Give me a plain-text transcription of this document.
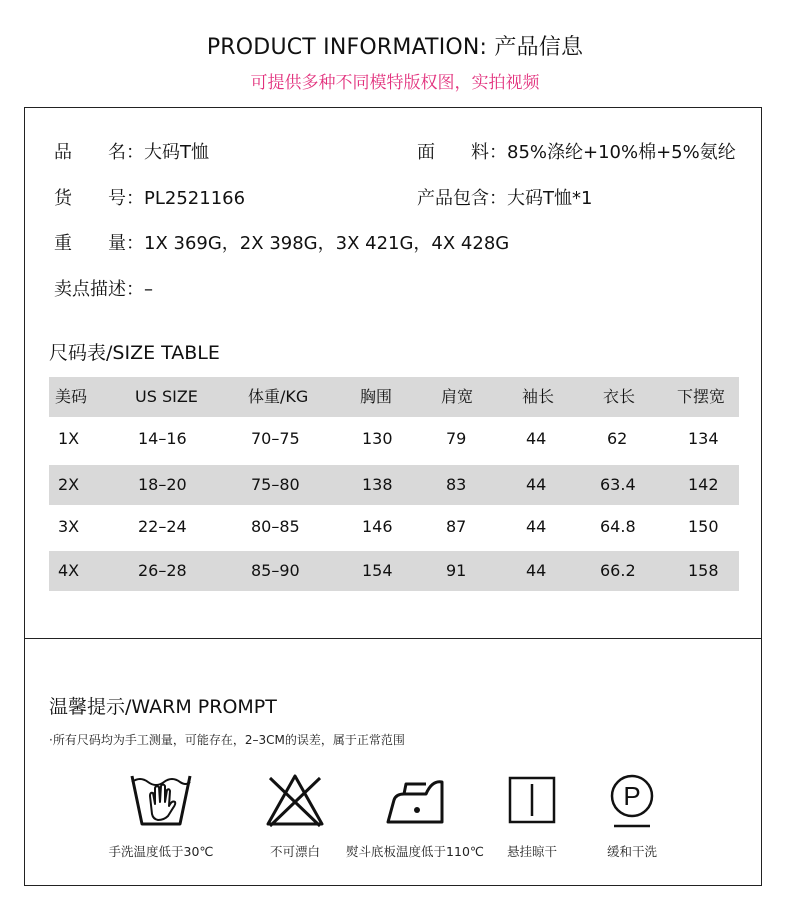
PRODUCT INFORMATION: 产品信息
可提供多种不同模特版权图，实拍视频
品　　名：大码T恤	面　　料：85%涤纶+10%棉+5%氨纶
货　　号：PL2521166	产品包含：大码T恤*1
重　　量：1X 369G，2X 398G，3X 421G，4X 428G
卖点描述：–
尺码表/SIZE TABLE
美码	US SIZE	体重/KG	胸围	肩宽	袖长	衣长	下摆宽
1X	14–16	70–75	130	79	44	62	134
2X	18–20	75–80	138	83	44	63.4	142
3X	22–24	80–85	146	87	44	64.8	150
4X	26–28	85–90	154	91	44	66.2	158
温馨提示/WARM PROMPT
·所有尺码均为手工测量，可能存在，2–3CM的误差，属于正常范围
手洗温度低于30℃	不可漂白	熨斗底板温度低于110℃	悬挂晾干
P
缓和干洗
